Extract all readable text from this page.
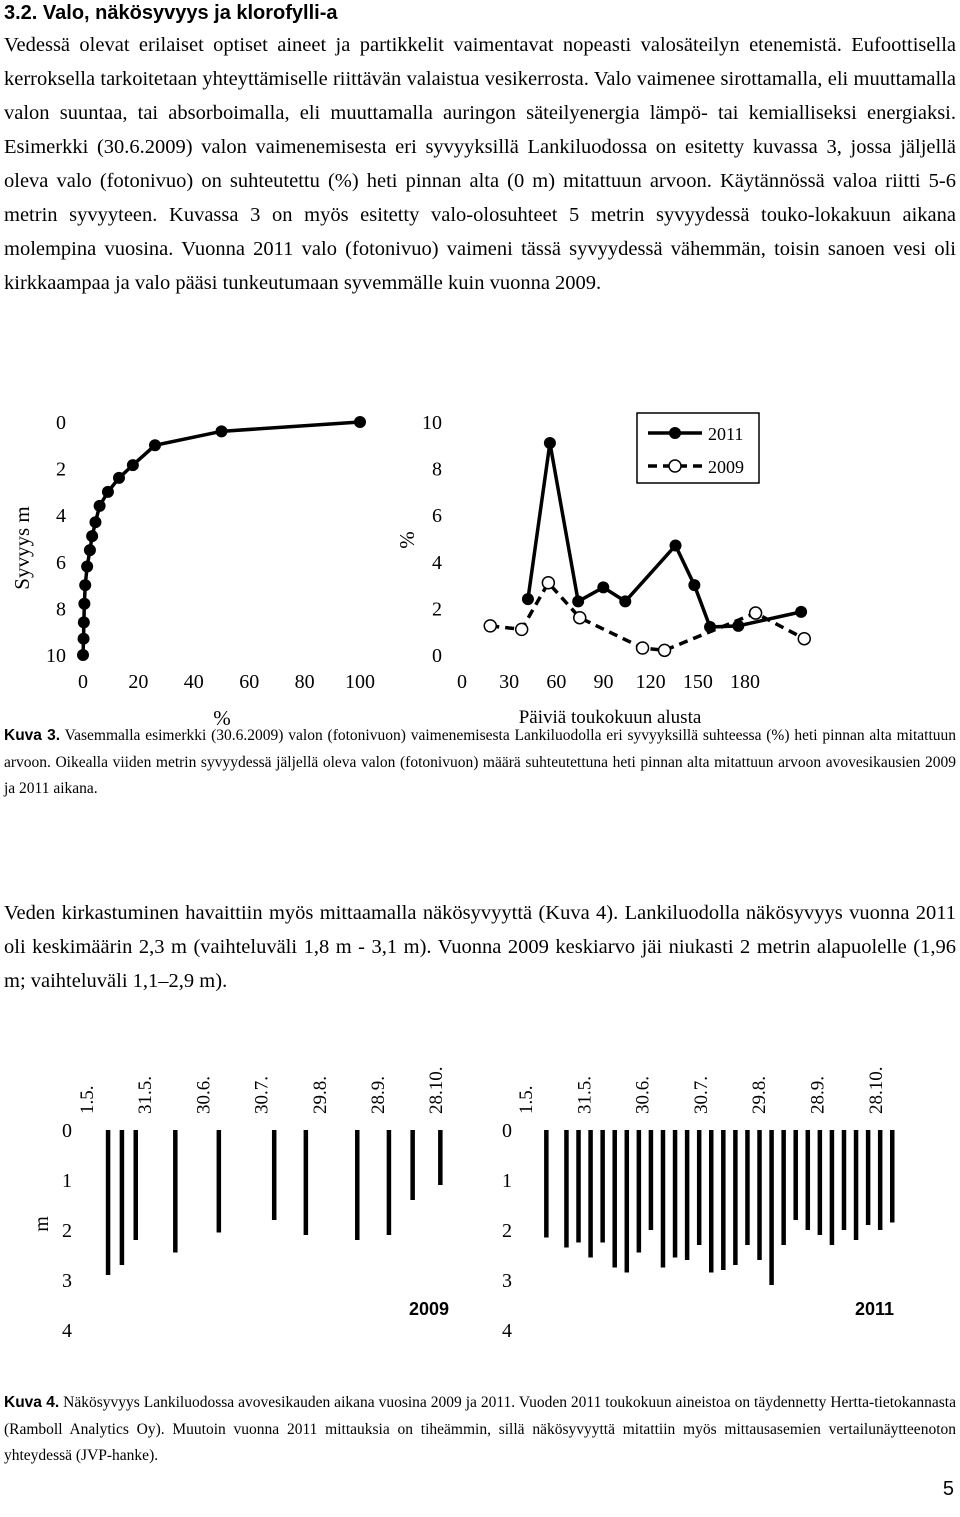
3.2. Valo, näkösyvyys ja klorofylli-a

Vedessä olevat erilaiset optiset aineet ja partikkelit vaimentavat nopeasti valosäteilyn etenemistä. Eufoottisella kerroksella tarkoitetaan yhteyttämiselle riittävän valaistua vesikerrosta. Valo vaimenee sirottamalla, eli muuttamalla valon suuntaa, tai absorboimalla, eli muuttamalla auringon säteilyenergia lämpö- tai kemialliseksi energiaksi. Esimerkki (30.6.2009) valon vaimenemisesta eri syvyyksillä Lankiluodossa on esitetty kuvassa 3, jossa jäljellä oleva valo (fotonivuo) on suhteutettu (%) heti pinnan alta (0 m) mitattuun arvoon. Käytännössä valoa riitti 5-6 metrin syvyyteen. Kuvassa 3 on myös esitetty valo-olosuhteet 5 metrin syvyydessä touko-lokakuun aikana molempina vuosina. Vuonna 2011 valo (fotonivuo) vaimeni tässä syvyydessä vähemmän, toisin sanoen vesi oli kirkkaampaa ja valo pääsi tunkeutumaan syvemmälle kuin vuonna 2009.

0
2
4
6
8
10
0 20 40 60 80 100
%
Syvyys m
0
2
4
6
8
10
0 30 60 90 120 150 180
Päiviä toukokuun alusta
%
2011
2009
0
1
2
3
4
1.5. 31.5. 30.6. 30.7. 29.8. 28.9. 28.10.
2009
m
0
1
2
3
4
1.5. 31.5. 30.6. 30.7. 29.8. 28.9. 28.10.
2011

Kuva 3. Vasemmalla esimerkki (30.6.2009) valon (fotonivuon) vaimenemisesta Lankiluodolla eri syvyyksillä suhteessa (%) heti pinnan alta mitattuun arvoon. Oikealla viiden metrin syvyydessä jäljellä oleva valon (fotonivuon) määrä suhteutettuna heti pinnan alta mitattuun arvoon avovesikausien 2009 ja 2011 aikana.

Veden kirkastuminen havaittiin myös mittaamalla näkösyvyyttä (Kuva 4). Lankiluodolla näkösyvyys vuonna 2011 oli keskimäärin 2,3 m (vaihteluväli 1,8 m - 3,1 m). Vuonna 2009 keskiarvo jäi niukasti 2 metrin alapuolelle (1,96 m; vaihteluväli 1,1–2,9 m).

Kuva 4. Näkösyvyys Lankiluodossa avovesikauden aikana vuosina 2009 ja 2011. Vuoden 2011 toukokuun aineistoa on täydennetty Hertta-tietokannasta (Ramboll Analytics Oy). Muutoin vuonna 2011 mittauksia on tiheämmin, sillä näkösyvyyttä mitattiin myös mittausasemien vertailunäytteenoton yhteydessä (JVP-hanke).

5
